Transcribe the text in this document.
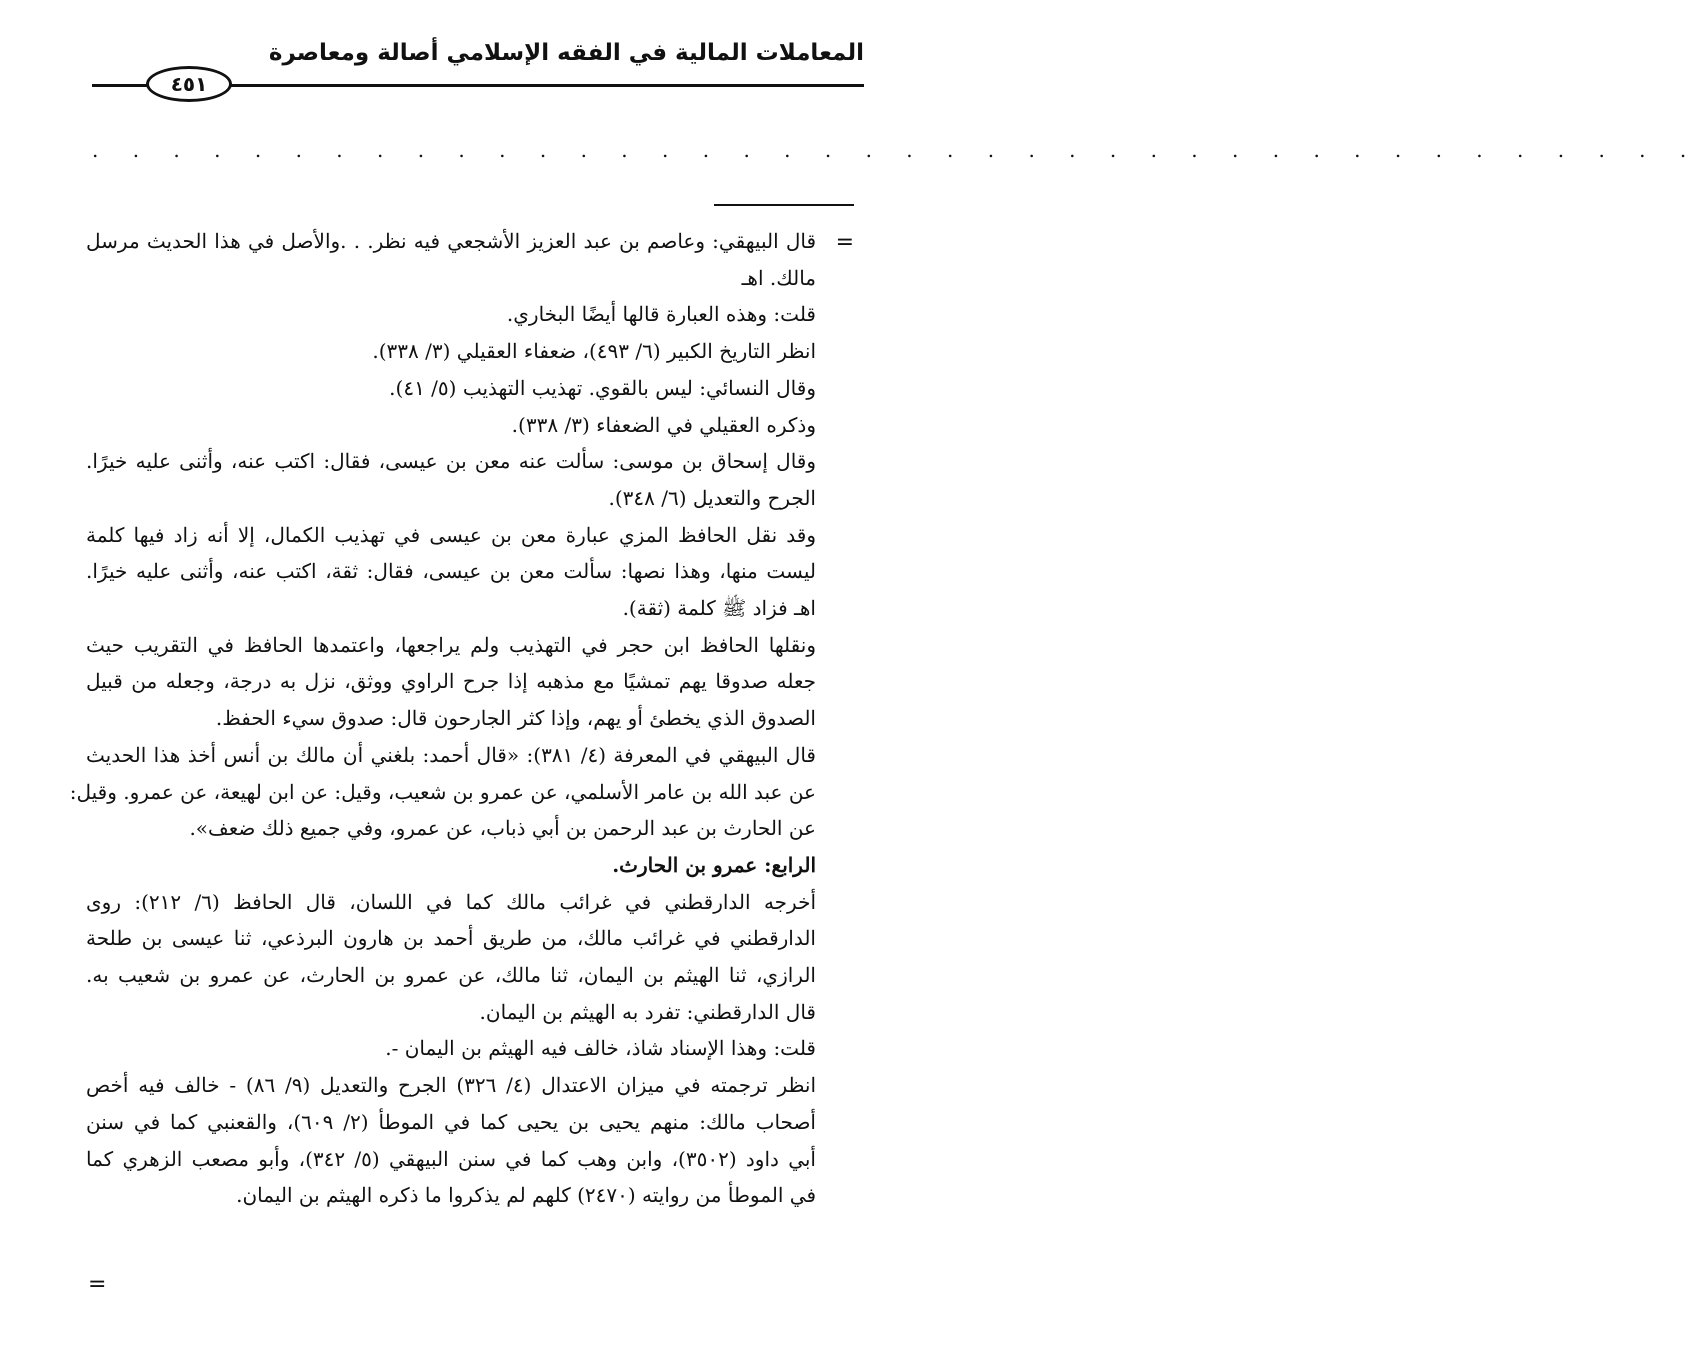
المعاملات المالية في الفقه الإسلامي أصالة ومعاصرة
٤٥١
. . . . . . . . . . . . . . . . . . . . . . . . . . . . . . . . . . . . . . . .
=
=
قال البيهقي: وعاصم بن عبد العزيز الأشجعي فيه نظر. . .والأصل في هذا الحديث مرسل
مالك. اهـ
قلت: وهذه العبارة قالها أيضًا البخاري.
انظر التاريخ الكبير (٦/ ٤٩٣)، ضعفاء العقيلي (٣/ ٣٣٨).
وقال النسائي: ليس بالقوي. تهذيب التهذيب (٥/ ٤١).
وذكره العقيلي في الضعفاء (٣/ ٣٣٨).
وقال إسحاق بن موسى: سألت عنه معن بن عيسى، فقال: اكتب عنه، وأثنى عليه خيرًا.
الجرح والتعديل (٦/ ٣٤٨).
وقد نقل الحافظ المزي عبارة معن بن عيسى في تهذيب الكمال، إلا أنه زاد فيها كلمة
ليست منها، وهذا نصها: سألت معن بن عيسى، فقال: ثقة، اكتب عنه، وأثنى عليه خيرًا.
اهـ فزاد ﷺ كلمة (ثقة).
ونقلها الحافظ ابن حجر في التهذيب ولم يراجعها، واعتمدها الحافظ في التقريب حيث
جعله صدوقا يهم تمشيًا مع مذهبه إذا جرح الراوي ووثق، نزل به درجة، وجعله من قبيل
الصدوق الذي يخطئ أو يهم، وإذا كثر الجارحون قال: صدوق سيء الحفظ.
قال البيهقي في المعرفة (٤/ ٣٨١): «قال أحمد: بلغني أن مالك بن أنس أخذ هذا الحديث
عن عبد الله بن عامر الأسلمي، عن عمرو بن شعيب، وقيل: عن ابن لهيعة، عن عمرو. وقيل:
عن الحارث بن عبد الرحمن بن أبي ذباب، عن عمرو، وفي جميع ذلك ضعف».
الرابع: عمرو بن الحارث.
أخرجه الدارقطني في غرائب مالك كما في اللسان، قال الحافظ (٦/ ٢١٢): روى
الدارقطني في غرائب مالك، من طريق أحمد بن هارون البرذعي، ثنا عيسى بن طلحة
الرازي، ثنا الهيثم بن اليمان، ثنا مالك، عن عمرو بن الحارث، عن عمرو بن شعيب به.
قال الدارقطني: تفرد به الهيثم بن اليمان.
قلت: وهذا الإسناد شاذ، خالف فيه الهيثم بن اليمان -.
انظر ترجمته في ميزان الاعتدال (٤/ ٣٢٦) الجرح والتعديل (٩/ ٨٦) - خالف فيه أخص
أصحاب مالك: منهم يحيى بن يحيى كما في الموطأ (٢/ ٦٠٩)، والقعنبي كما في سنن
أبي داود (٣٥٠٢)، وابن وهب كما في سنن البيهقي (٥/ ٣٤٢)، وأبو مصعب الزهري كما
في الموطأ من روايته (٢٤٧٠) كلهم لم يذكروا ما ذكره الهيثم بن اليمان.
